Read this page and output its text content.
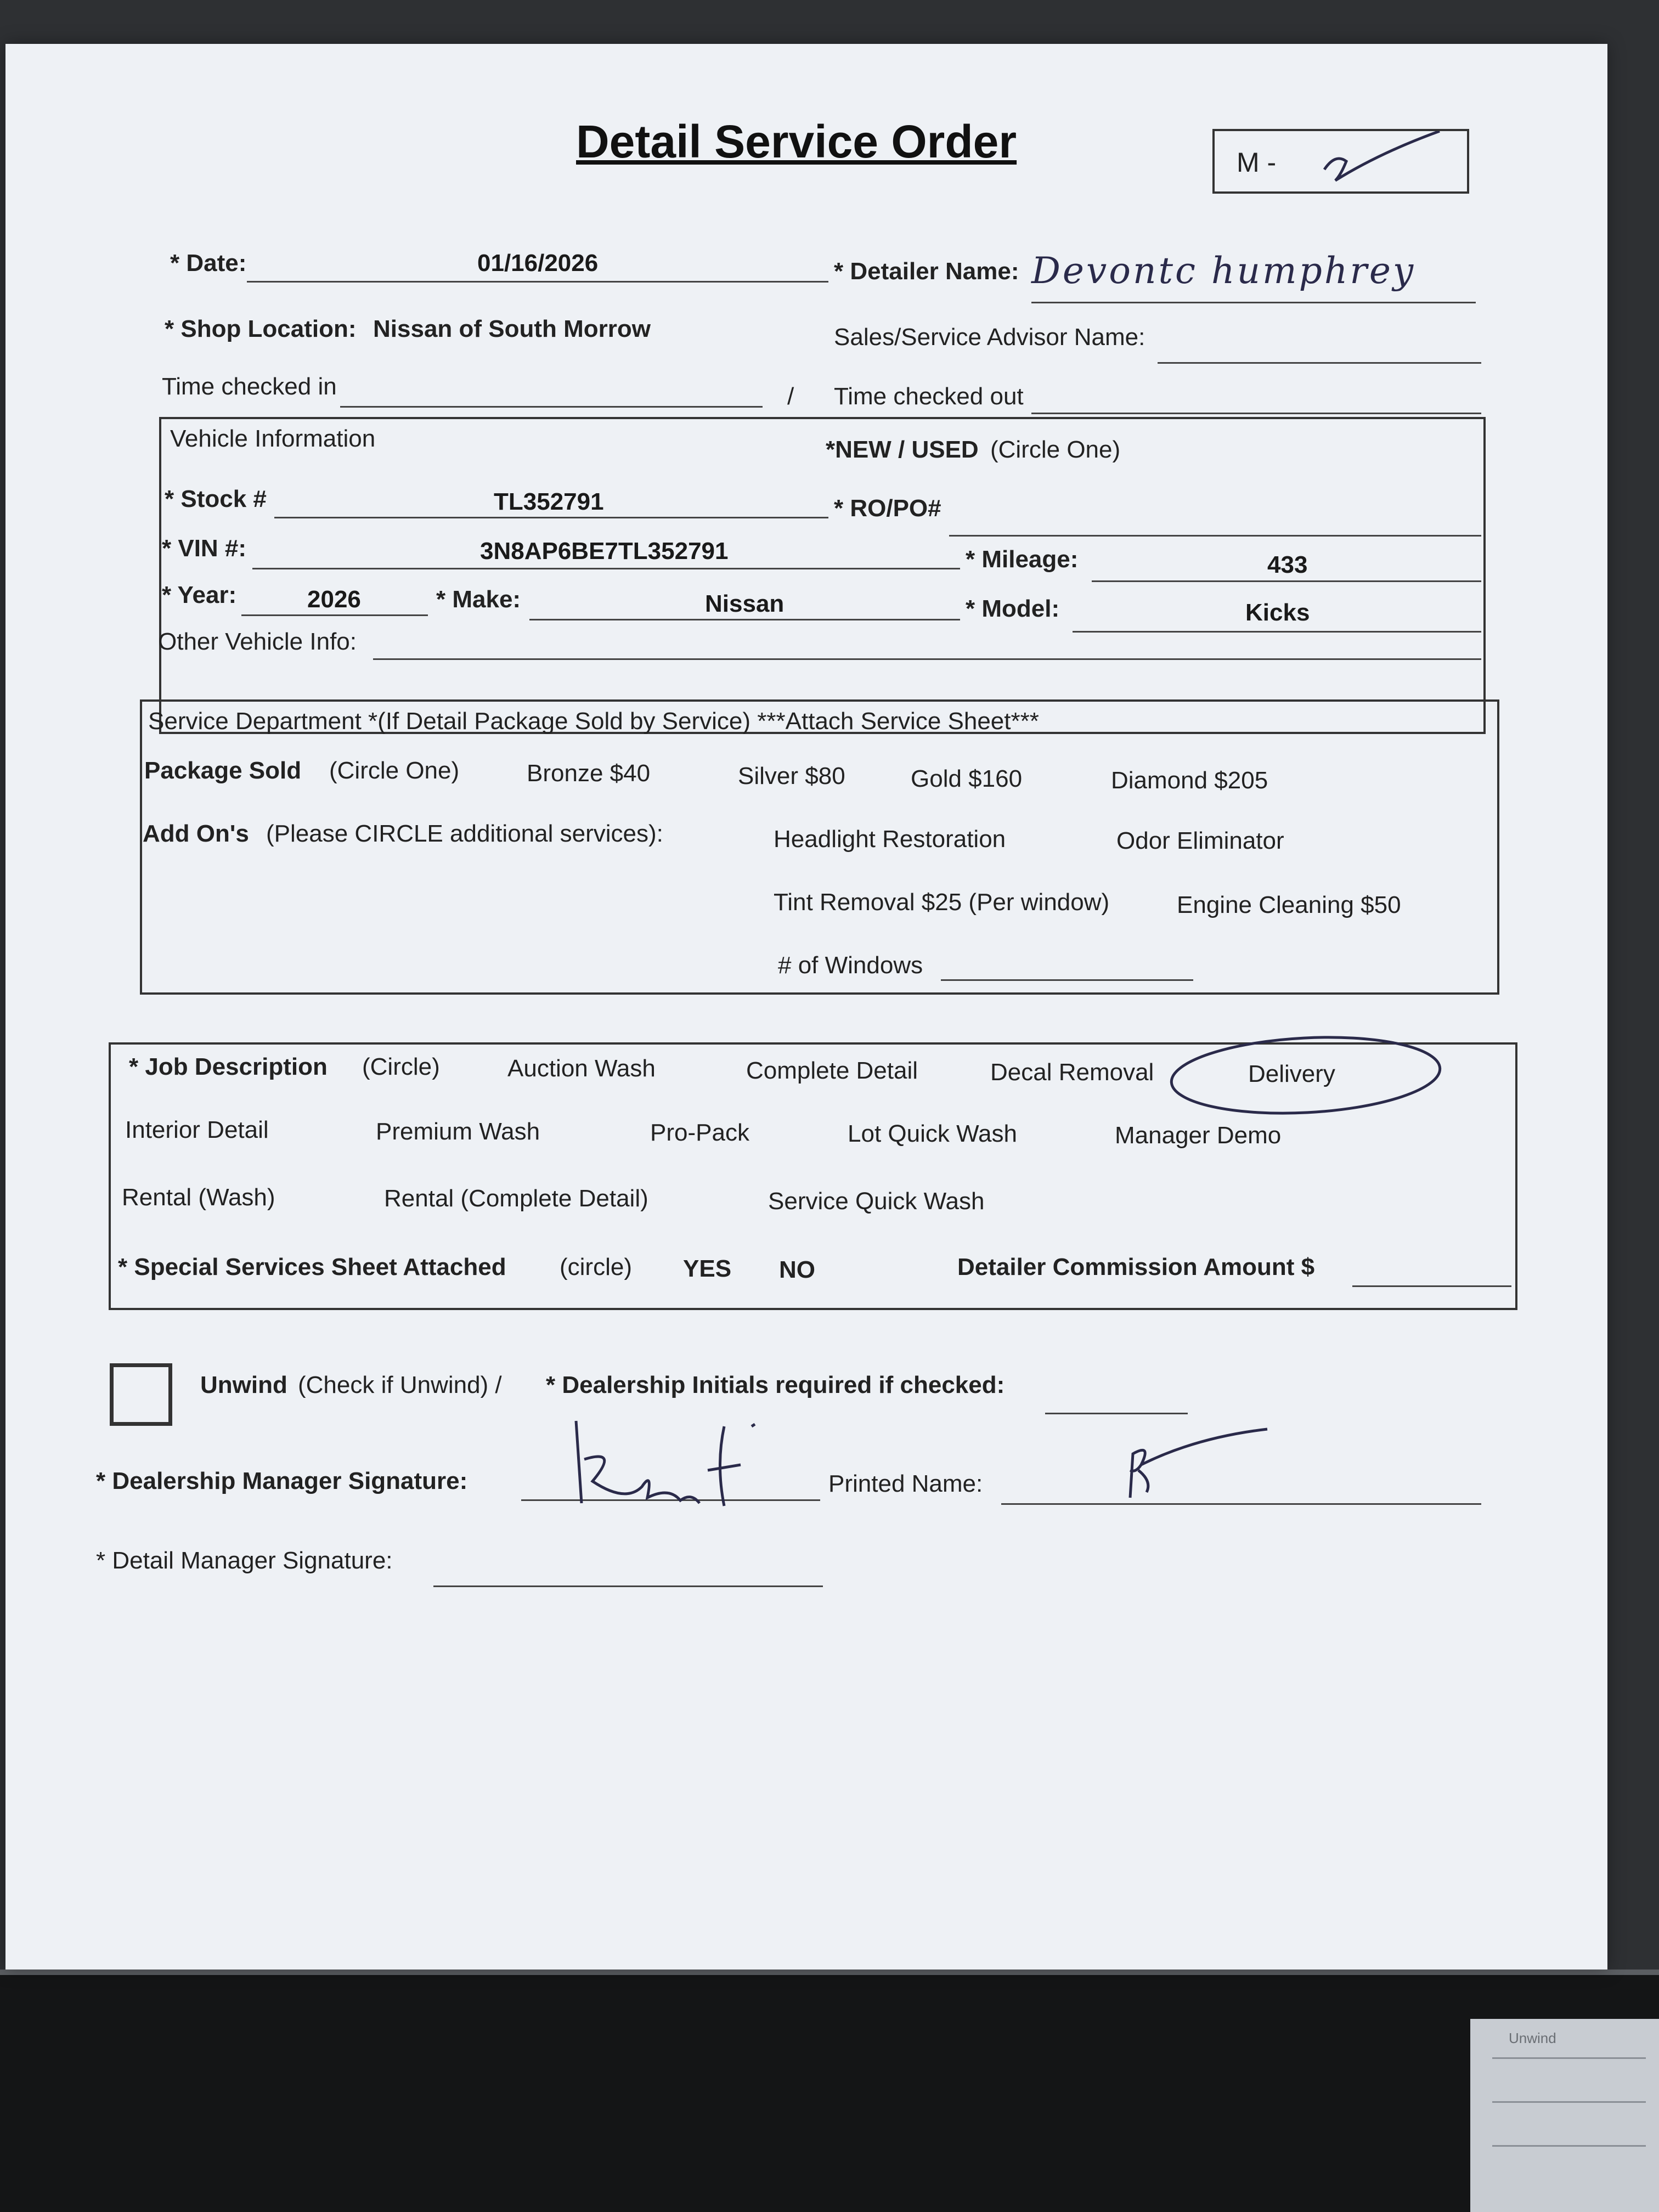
Unwind
Detail Service Order	M -
* Date:	01/16/2026	* Detailer Name: Devontc humphrey
* Shop Location: Nissan of South Morrow	Sales/Service Advisor Name:
Time checked in	/ Time checked out
Vehicle Information	*NEW / USED (Circle One)
* Stock #	TL352791	* RO/PO#
* VIN #:	3N8AP6BE7TL352791	* Mileage:	433
* Year:	2026	* Make:	Nissan	* Model:	Kicks
Other Vehicle Info:
Service Department *(If Detail Package Sold by Service) ***Attach Service Sheet***
Package Sold (Circle One)	Bronze $40	Silver $80	Gold $160	Diamond $205
Add On's (Please CIRCLE additional services):	Headlight Restoration	Odor Eliminator
Tint Removal $25 (Per window)	Engine Cleaning $50
# of Windows
* Job Description (Circle)	Auction Wash	Complete Detail	Decal Removal	Delivery
Interior Detail	Premium Wash	Pro-Pack	Lot Quick Wash	Manager Demo
Rental (Wash)	Rental (Complete Detail)	Service Quick Wash
* Special Services Sheet Attached (circle) YES NO	Detailer Commission Amount $
Unwind (Check if Unwind) / * Dealership Initials required if checked:
* Dealership Manager Signature:	Printed Name:
* Detail Manager Signature:
